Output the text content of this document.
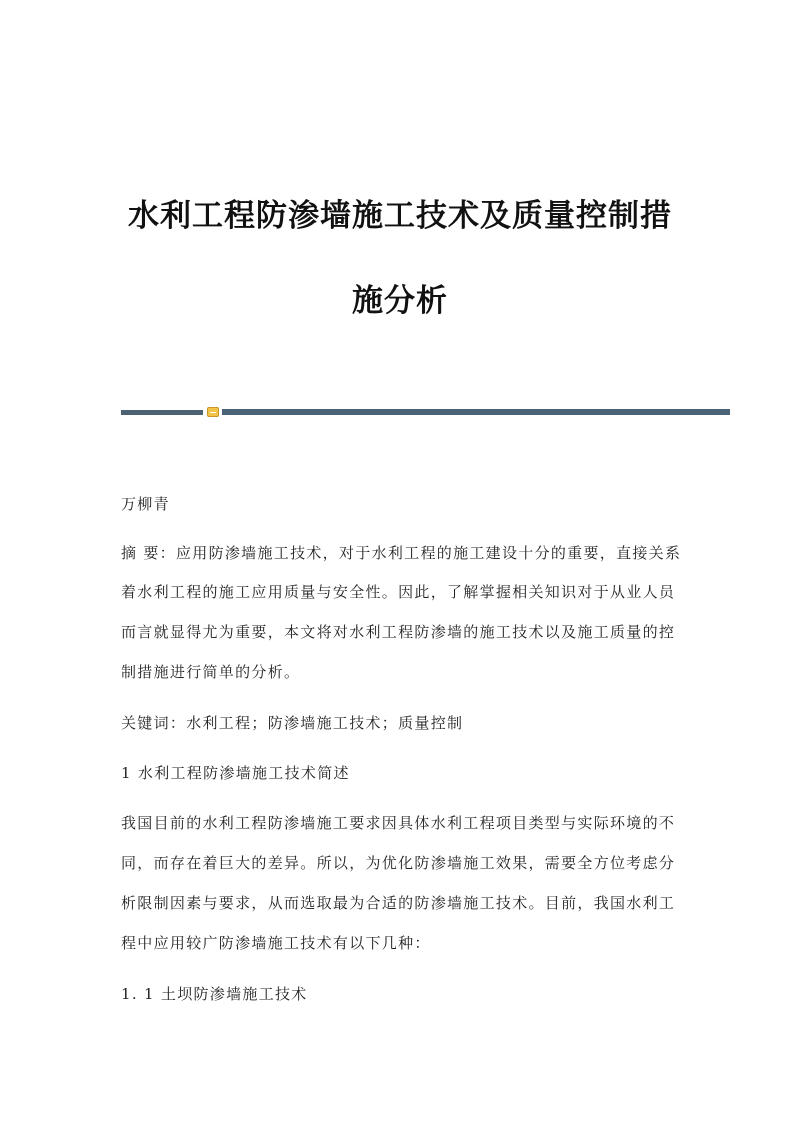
水利工程防渗墙施工技术及质量控制措
施分析

万柳青

摘 要：应用防渗墙施工技术，对于水利工程的施工建设十分的重要，直接关系

着水利工程的施工应用质量与安全性。因此，了解掌握相关知识对于从业人员

而言就显得尤为重要，本文将对水利工程防渗墙的施工技术以及施工质量的控

制措施进行简单的分析。

关键词：水利工程；防渗墙施工技术；质量控制

1 水利工程防渗墙施工技术简述

我国目前的水利工程防渗墙施工要求因具体水利工程项目类型与实际环境的不

同，而存在着巨大的差异。所以，为优化防渗墙施工效果，需要全方位考虑分

析限制因素与要求，从而选取最为合适的防渗墙施工技术。目前，我国水利工

程中应用较广防渗墙施工技术有以下几种：

1. 1 土坝防渗墙施工技术
